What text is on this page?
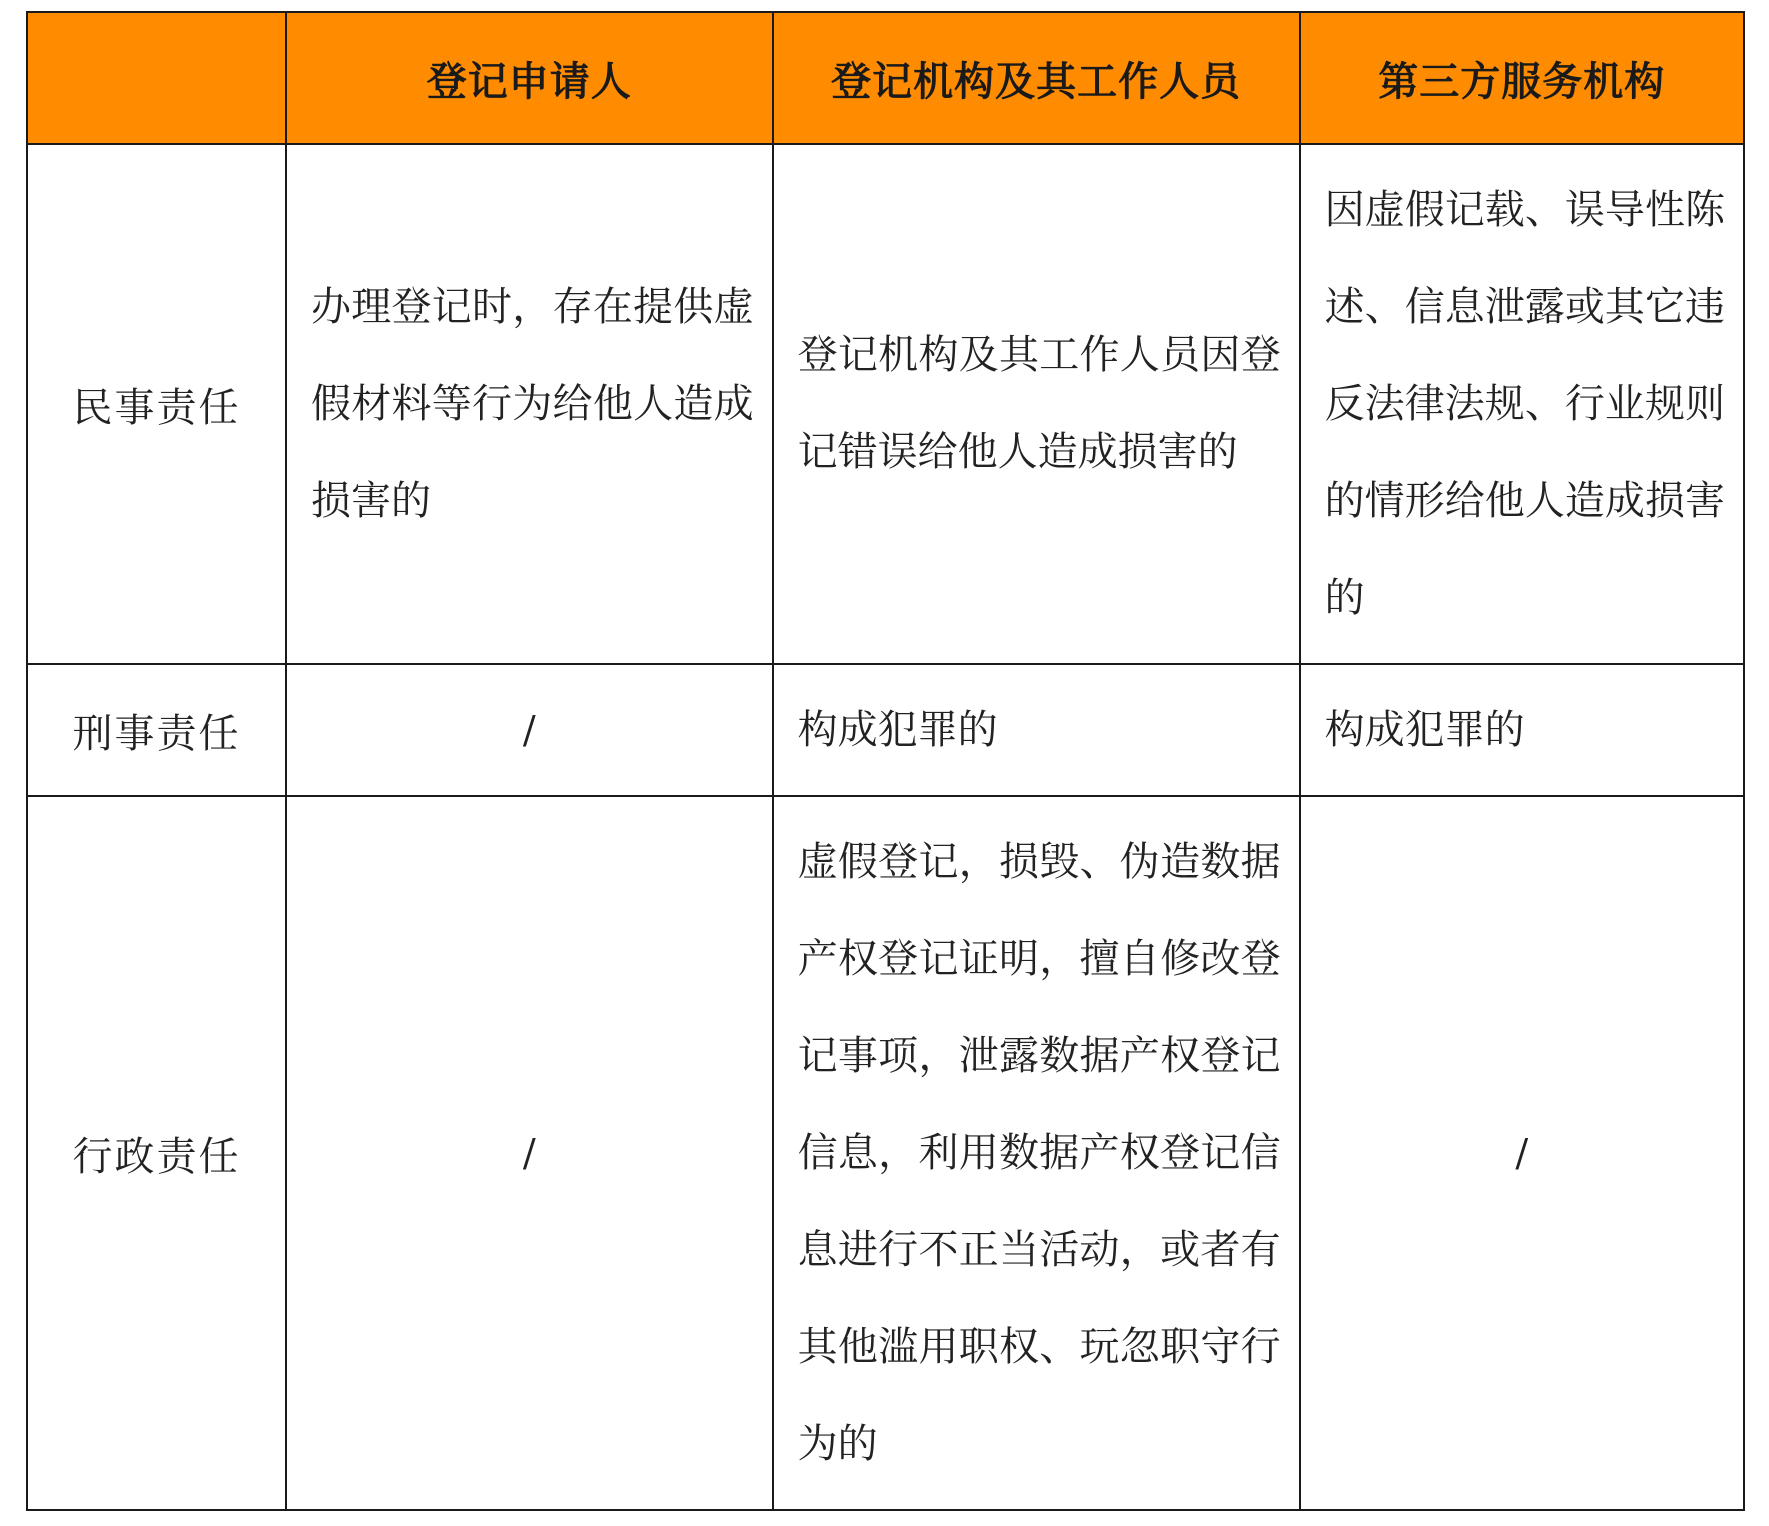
	登记申请人	登记机构及其工作人员	第三方服务机构
民事责任	办理登记时，存在提供虚假材料等行为给他人造成损害的	登记机构及其工作人员因登记错误给他人造成损害的	因虚假记载、误导性陈述、信息泄露或其它违反法律法规、行业规则的情形给他人造成损害的
刑事责任	/	构成犯罪的	构成犯罪的
行政责任	/	虚假登记，损毁、伪造数据产权登记证明，擅自修改登记事项，泄露数据产权登记信息，利用数据产权登记信息进行不正当活动，或者有其他滥用职权、玩忽职守行为的	/
